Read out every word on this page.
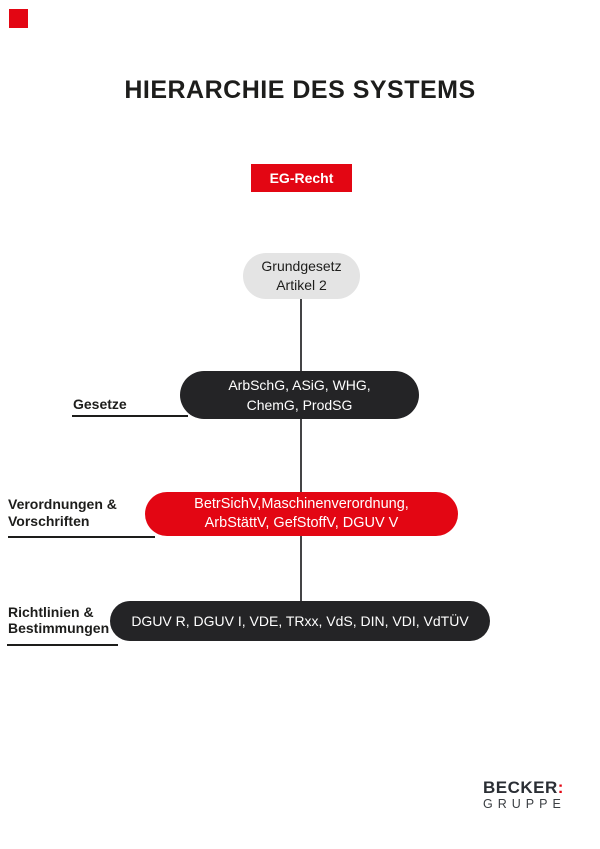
HIERARCHIE DES SYSTEMS
EG-Recht
Grundgesetz
Artikel 2
Gesetze
ArbSchG, ASiG, WHG,
ChemG, ProdSG
Verordnungen &
Vorschriften
BetrSichV,Maschinenverordnung,
ArbStättV, GefStoffV, DGUV V
Richtlinien &
Bestimmungen DGUV R, DGUV I, VDE, TRxx, VdS, DIN, VDI, VdTÜV
BECKER:
GRUPPE
